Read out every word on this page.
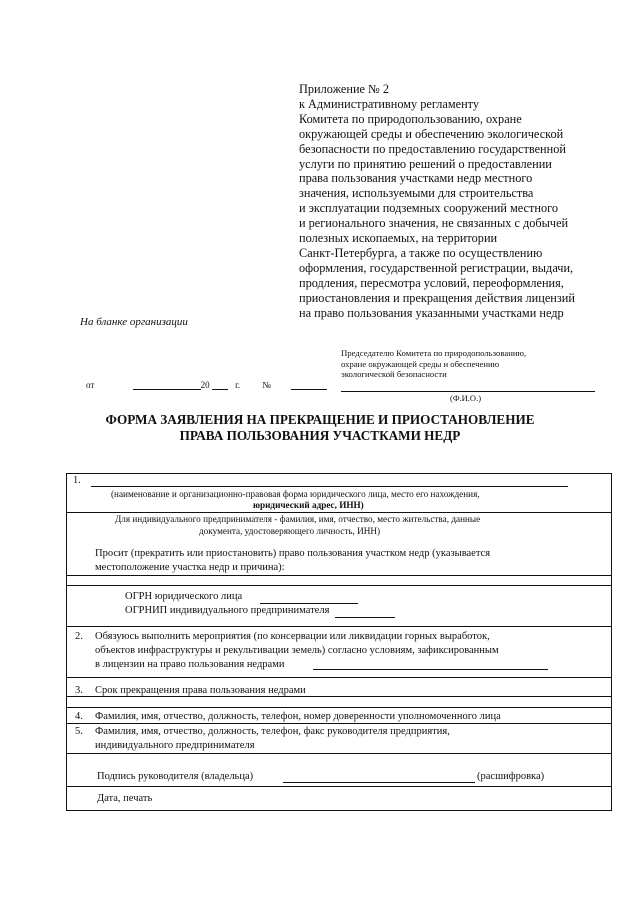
Приложение № 2
к Административному регламенту
Комитета по природопользованию, охране
окружающей среды и обеспечению экологической
безопасности по предоставлению государственной
услуги по принятию решений о предоставлении
права пользования участками недр местного
значения, используемыми для строительства
и эксплуатации подземных сооружений местного
и регионального значения, не связанных с добычей
полезных ископаемых, на территории
Санкт-Петербурга, а также по осуществлению
оформления, государственной регистрации, выдачи,
продления, пересмотра условий, переоформления,
приостановления и прекращения действия лицензий
на право пользования указанными участками недр
На бланке организации
Председателю Комитета по природопользованию,
охране окружающей среды и обеспечению
экологической безопасности
(Ф.И.О.)
от	20	г. №
ФОРМА ЗАЯВЛЕНИЯ НА ПРЕКРАЩЕНИЕ И ПРИОСТАНОВЛЕНИЕ
ПРАВА ПОЛЬЗОВАНИЯ УЧАСТКАМИ НЕДР
1.
(наименование и организационно-правовая форма юридического лица, место его нахождения,
юридический адрес, ИНН)
Для индивидуального предпринимателя - фамилия, имя, отчество, место жительства, данные
документа, удостоверяющего личность, ИНН)
Просит (прекратить или приостановить) право пользования участком недр (указывается
местоположение участка недр и причина):
ОГРН юридического лица
ОГРНИП индивидуального предпринимателя
2. Обязуюсь выполнить мероприятия (по консервации или ликвидации горных выработок,
объектов инфраструктуры и рекультивации земель) согласно условиям, зафиксированным
в лицензии на право пользования недрами
3. Срок прекращения права пользования недрами
4. Фамилия, имя, отчество, должность, телефон, номер доверенности уполномоченного лица
5. Фамилия, имя, отчество, должность, телефон, факс руководителя предприятия,
индивидуального предпринимателя
Подпись руководителя (владельца)	(расшифровка)
Дата, печать
